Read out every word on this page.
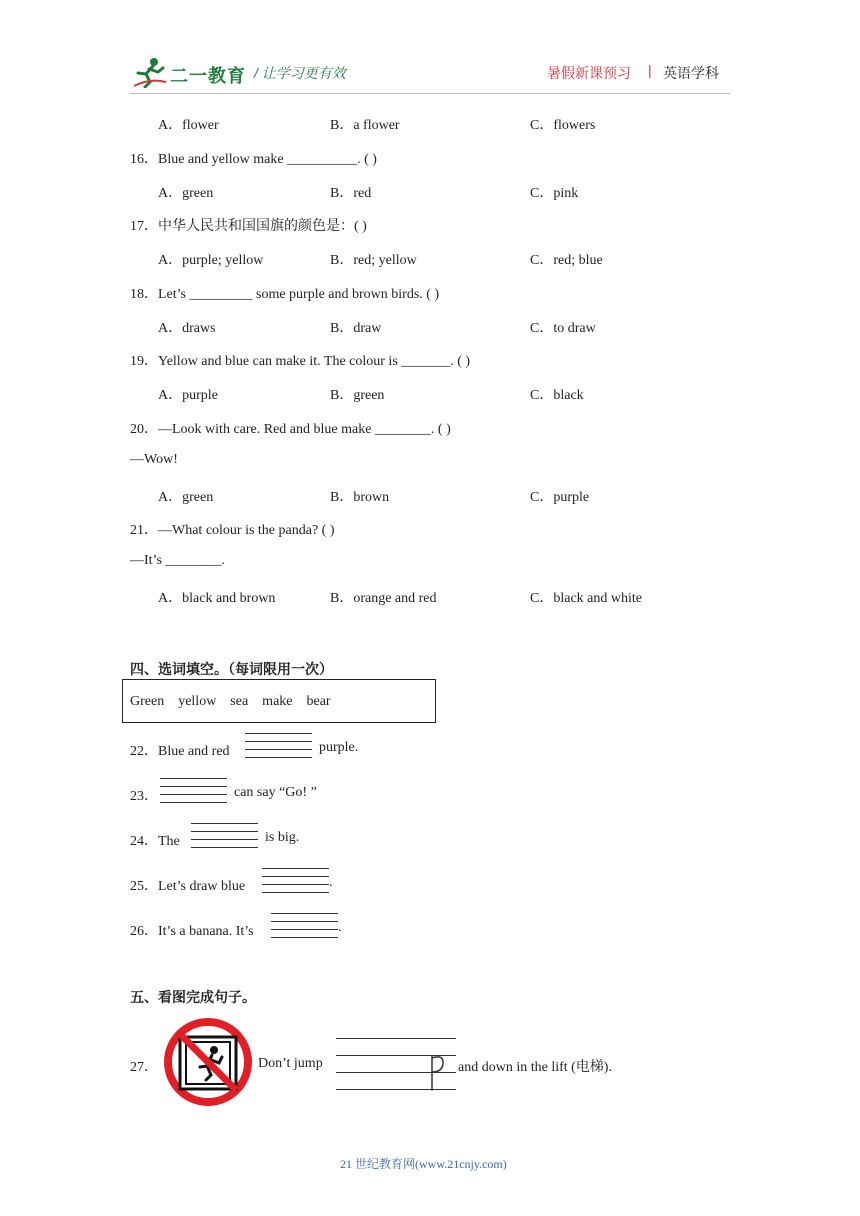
二一教育 / 让学习更有效	暑假新课预习 | 英语学科
A．flower	B．a flower	C．flowers
16．Blue and yellow make __________. ( )
A．green	B．red	C．pink
17．中华人民共和国国旗的颜色是：( )
A．purple; yellow	B．red; yellow	C．red; blue
18．Let’s _________ some purple and brown birds. ( )
A．draws	B．draw	C．to draw
19．Yellow and blue can make it. The colour is _______. ( )
A．purple	B．green	C．black
20．—Look with care. Red and blue make ________. ( )
—Wow!
A．green	B．brown	C．purple
21．—What colour is the panda? ( )
—It’s ________.
A．black and brown	B．orange and red	C．black and white
四、选词填空。（每词限用一次）
Green    yellow    sea    make    bear
22．Blue and red	purple.
23．	can say “Go! ”
24．The	is big.
25．Let’s draw blue	.
26．It’s a banana. It’s	.
五、看图完成句子。
27．	Don’t jump	and down in the lift (电梯).
21 世纪教育网(www.21cnjy.com)
